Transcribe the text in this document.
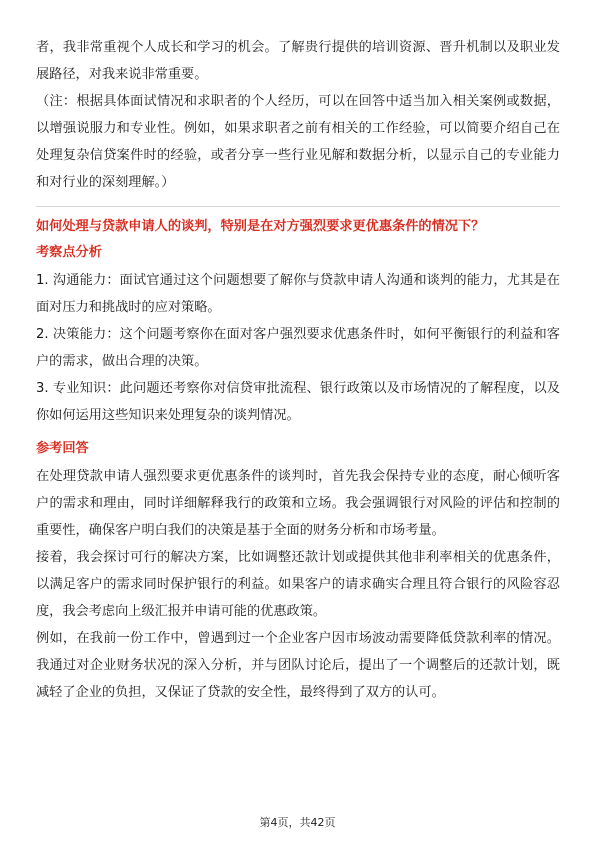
者，我非常重视个人成长和学习的机会。了解贵行提供的培训资源、晋升机制以及职业发展路径，对我来说非常重要。

（注：根据具体面试情况和求职者的个人经历，可以在回答中适当加入相关案例或数据，以增强说服力和专业性。例如，如果求职者之前有相关的工作经验，可以简要介绍自己在处理复杂信贷案件时的经验，或者分享一些行业见解和数据分析，以显示自己的专业能力和对行业的深刻理解。）

如何处理与贷款申请人的谈判，特别是在对方强烈要求更优惠条件的情况下？

考察点分析

1. 沟通能力：面试官通过这个问题想要了解你与贷款申请人沟通和谈判的能力，尤其是在面对压力和挑战时的应对策略。

2. 决策能力：这个问题考察你在面对客户强烈要求优惠条件时，如何平衡银行的利益和客户的需求，做出合理的决策。

3. 专业知识：此问题还考察你对信贷审批流程、银行政策以及市场情况的了解程度，以及你如何运用这些知识来处理复杂的谈判情况。

参考回答

在处理贷款申请人强烈要求更优惠条件的谈判时，首先我会保持专业的态度，耐心倾听客户的需求和理由，同时详细解释我行的政策和立场。我会强调银行对风险的评估和控制的重要性，确保客户明白我们的决策是基于全面的财务分析和市场考量。

接着，我会探讨可行的解决方案，比如调整还款计划或提供其他非利率相关的优惠条件，以满足客户的需求同时保护银行的利益。如果客户的请求确实合理且符合银行的风险容忍度，我会考虑向上级汇报并申请可能的优惠政策。

例如，在我前一份工作中，曾遇到过一个企业客户因市场波动需要降低贷款利率的情况。我通过对企业财务状况的深入分析，并与团队讨论后，提出了一个调整后的还款计划，既减轻了企业的负担，又保证了贷款的安全性，最终得到了双方的认可。

第4页，共42页
